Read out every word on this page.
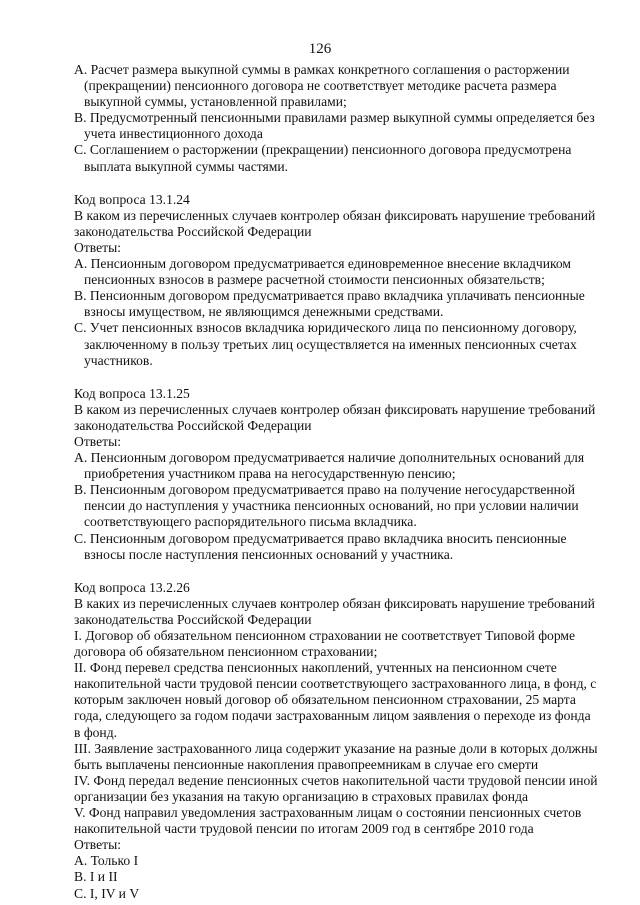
126
А. Расчет размера выкупной суммы в рамках конкретного соглашения о расторжении
(прекращении) пенсионного договора не соответствует методике расчета размера
выкупной суммы, установленной правилами;
В. Предусмотренный пенсионными правилами размер выкупной суммы определяется без
учета инвестиционного дохода
С. Соглашением о расторжении (прекращении) пенсионного договора предусмотрена
выплата выкупной суммы частями.
Код вопроса 13.1.24
В каком из перечисленных случаев контролер обязан фиксировать нарушение требований
законодательства Российской Федерации
Ответы:
А. Пенсионным договором предусматривается единовременное внесение вкладчиком
пенсионных взносов в размере расчетной стоимости пенсионных обязательств;
В. Пенсионным договором предусматривается право вкладчика уплачивать пенсионные
взносы имуществом, не являющимся денежными средствами.
С. Учет пенсионных взносов вкладчика юридического лица по пенсионному договору,
заключенному в пользу третьих лиц осуществляется на именных пенсионных счетах
участников.
Код вопроса 13.1.25
В каком из перечисленных случаев контролер обязан фиксировать нарушение требований
законодательства Российской Федерации
Ответы:
А. Пенсионным договором предусматривается наличие дополнительных оснований для
приобретения участником права на негосударственную пенсию;
В. Пенсионным договором предусматривается право на получение негосударственной
пенсии до наступления у участника пенсионных оснований, но при условии наличии
соответствующего распорядительного письма вкладчика.
С. Пенсионным договором предусматривается право вкладчика вносить пенсионные
взносы после наступления пенсионных оснований у участника.
Код вопроса 13.2.26
В каких из перечисленных случаев контролер обязан фиксировать нарушение требований
законодательства Российской Федерации
I. Договор об обязательном пенсионном страховании не соответствует Типовой форме
договора об обязательном пенсионном страховании;
II. Фонд перевел средства пенсионных накоплений, учтенных на пенсионном счете
накопительной части трудовой пенсии соответствующего застрахованного лица, в фонд, с
которым заключен новый договор об обязательном пенсионном страховании, 25 марта
года, следующего за годом подачи застрахованным лицом заявления о переходе из фонда
в фонд.
III. Заявление застрахованного лица содержит указание на разные доли в которых должны
быть выплачены пенсионные накопления правопреемникам в случае его смерти
IV. Фонд передал ведение пенсионных счетов накопительной части трудовой пенсии иной
организации без указания на такую организацию в страховых правилах фонда
V. Фонд направил уведомления застрахованным лицам о состоянии пенсионных счетов
накопительной части трудовой пенсии по итогам 2009 год в сентябре 2010 года
Ответы:
А. Только I
В. I и II
С. I, IV и V
